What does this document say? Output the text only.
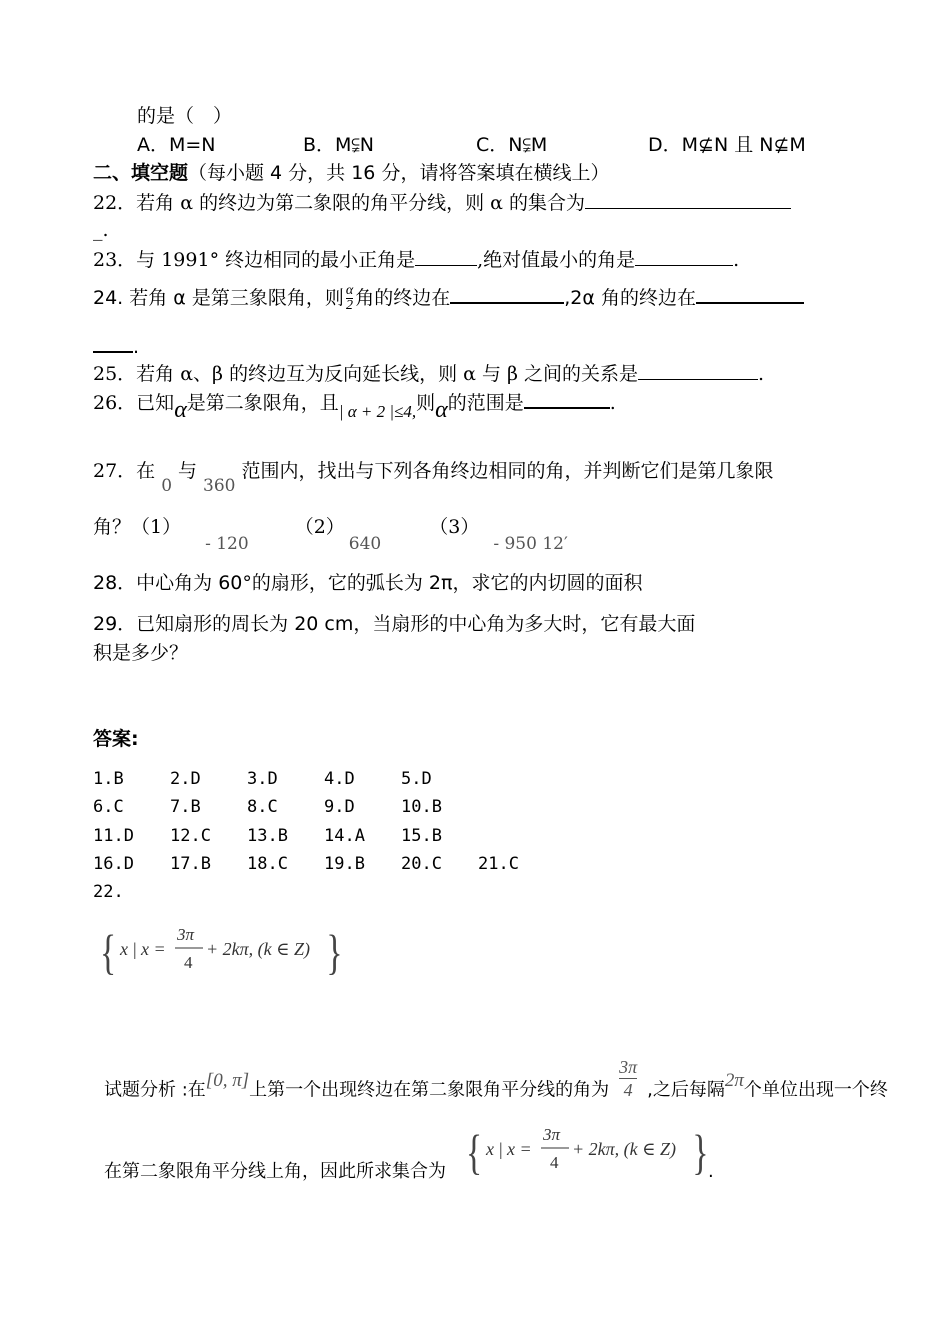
的是（　）
A．M=N	B．M⫋N	C．N⫋M	D．M⊈N 且 N⊈M
二、填空题（每小题 4 分，共 16 分，请将答案填在横线上）
22．若角 α 的终边为第二象限的角平分线，则 α 的集合为
_.
23．与 1991° 终边相同的最小正角是	,绝对值最小的角是	.
24. 若角 α 是第三象限角，则 $\frac{\alpha}{2}$ 角的终边在	,2α 角的终边在
.
25．若角 α、β 的终边互为反向延长线，则 α 与 β 之间的关系是	.
26．已知α是第二象限角，且| α + 2 |≤4,则α的范围是	.
27．在0与360范围内，找出与下列各角终边相同的角，并判断它们是第几象限
角？（1）- 120（2）640（3）- 950 12′
28．中心角为 60°的扇形，它的弧长为 2π，求它的内切圆的面积
29．已知扇形的周长为 20 cm，当扇形的中心角为多大时，它有最大面
积是多少？
答案:
1.B	2.D	3.D	4.D	5.D
6.C	7.B	8.C	9.D	10.B
11.D 12.C 13.B 14.A 15.B
16.D 17.B 18.C 19.B 20.C 21.C
22.
{ x | x =
3π
4
+ 2kπ, (k ∈ Z) }
试题分析 :在[0, π]上第一个出现终边在第二象限角平分线的角为 $\frac{3\pi}{4}$ ,之后每隔2π个单位出现一个终
在第二象限角平分线上角，因此所求集合为 { x | x =
3π
4
+ 2kπ, (k ∈ Z) } .
